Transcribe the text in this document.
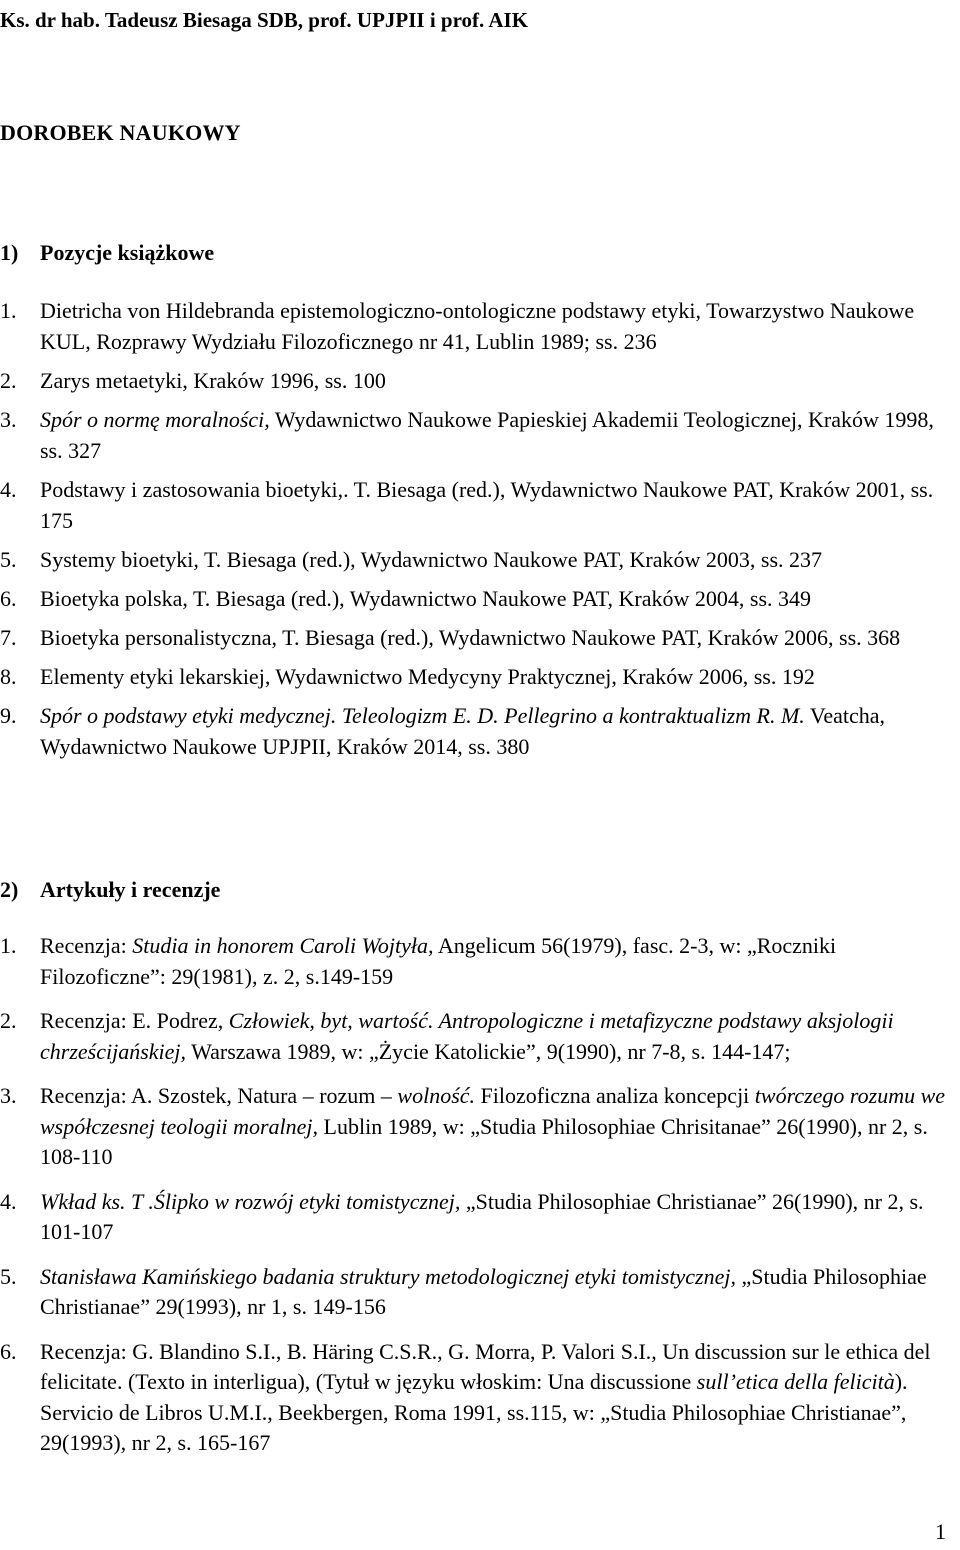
Ks. dr hab. Tadeusz Biesaga SDB, prof. UPJPII i prof. AIK
DOROBEK NAUKOWY
1) Pozycje książkowe
1. Dietricha von Hildebranda epistemologiczno-ontologiczne podstawy etyki, Towarzystwo Naukowe KUL, Rozprawy Wydziału Filozoficznego nr 41, Lublin 1989; ss. 236
2. Zarys metaetyki, Kraków 1996, ss. 100
3. Spór o normę moralności, Wydawnictwo Naukowe Papieskiej Akademii Teologicznej, Kraków 1998, ss. 327
4. Podstawy i zastosowania bioetyki,. T. Biesaga (red.), Wydawnictwo Naukowe PAT, Kraków 2001, ss. 175
5. Systemy bioetyki, T. Biesaga (red.), Wydawnictwo Naukowe PAT, Kraków 2003, ss. 237
6. Bioetyka polska, T. Biesaga (red.), Wydawnictwo Naukowe PAT, Kraków 2004, ss. 349
7. Bioetyka personalistyczna, T. Biesaga (red.), Wydawnictwo Naukowe PAT, Kraków 2006, ss. 368
8. Elementy etyki lekarskiej, Wydawnictwo Medycyny Praktycznej, Kraków 2006, ss. 192
9. Spór o podstawy etyki medycznej. Teleologizm E. D. Pellegrino a kontraktualizm R. M. Veatcha, Wydawnictwo Naukowe UPJPII, Kraków 2014, ss. 380
2) Artykuły i recenzje
1. Recenzja: Studia in honorem Caroli Wojtyła, Angelicum 56(1979), fasc. 2-3, w: „Roczniki Filozoficzne”: 29(1981), z. 2, s.149-159
2. Recenzja: E. Podrez, Człowiek, byt, wartość. Antropologiczne i metafizyczne podstawy aksjologii chrześcijańskiej, Warszawa 1989, w: „Życie Katolickie”, 9(1990), nr 7-8, s. 144-147;
3. Recenzja: A. Szostek, Natura – rozum – wolność. Filozoficzna analiza koncepcji twórczego rozumu we współczesnej teologii moralnej, Lublin 1989, w: „Studia Philosophiae Chrisitanae” 26(1990), nr 2, s. 108-110
4. Wkład ks. T .Ślipko w rozwój etyki tomistycznej, „Studia Philosophiae Christianae” 26(1990), nr 2, s. 101-107
5. Stanisława Kamińskiego badania struktury metodologicznej etyki tomistycznej, „Studia Philosophiae Christianae” 29(1993), nr 1, s. 149-156
6. Recenzja: G. Blandino S.I., B. Häring C.S.R., G. Morra, P. Valori S.I., Un discussion sur le ethica del felicitate. (Texto in interligua), (Tytuł w języku włoskim: Una discussione sull’etica della felicità). Servicio de Libros U.M.I., Beekbergen, Roma 1991, ss.115, w: „Studia Philosophiae Christianae”, 29(1993), nr 2, s. 165-167
1
